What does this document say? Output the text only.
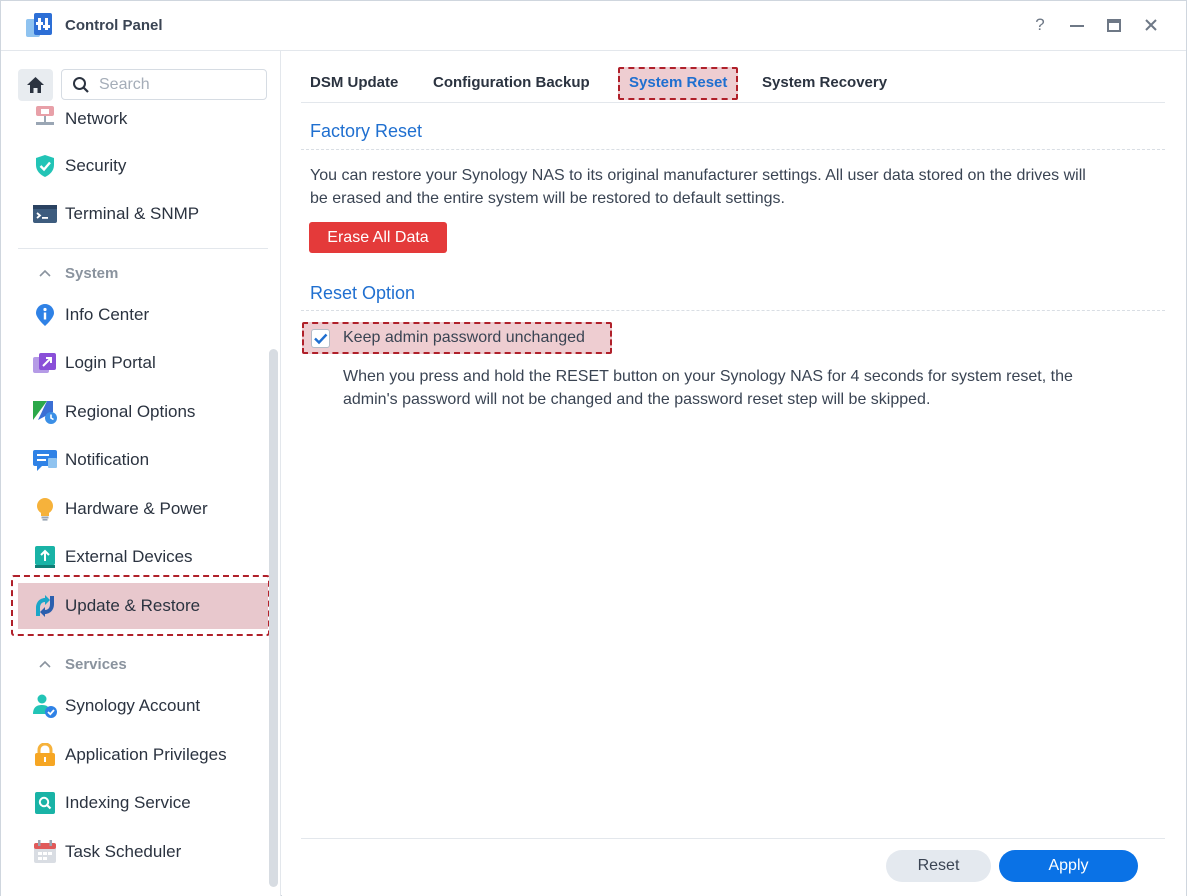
Control Panel	?
Search
Network
Security
Terminal & SNMP
System
Info Center
Login Portal
Regional Options
Notification
Hardware & Power
External Devices
Update & Restore
Services
Synology Account
Application Privileges
Indexing Service
Task Scheduler
DSM Update Configuration Backup	System Reset System Recovery
Factory Reset
You can restore your Synology NAS to its original manufacturer settings. All user data stored on the drives will
be erased and the entire system will be restored to default settings.
Erase All Data
Reset Option
Keep admin password unchanged
When you press and hold the RESET button on your Synology NAS for 4 seconds for system reset, the
admin's password will not be changed and the password reset step will be skipped.
Reset	Apply
